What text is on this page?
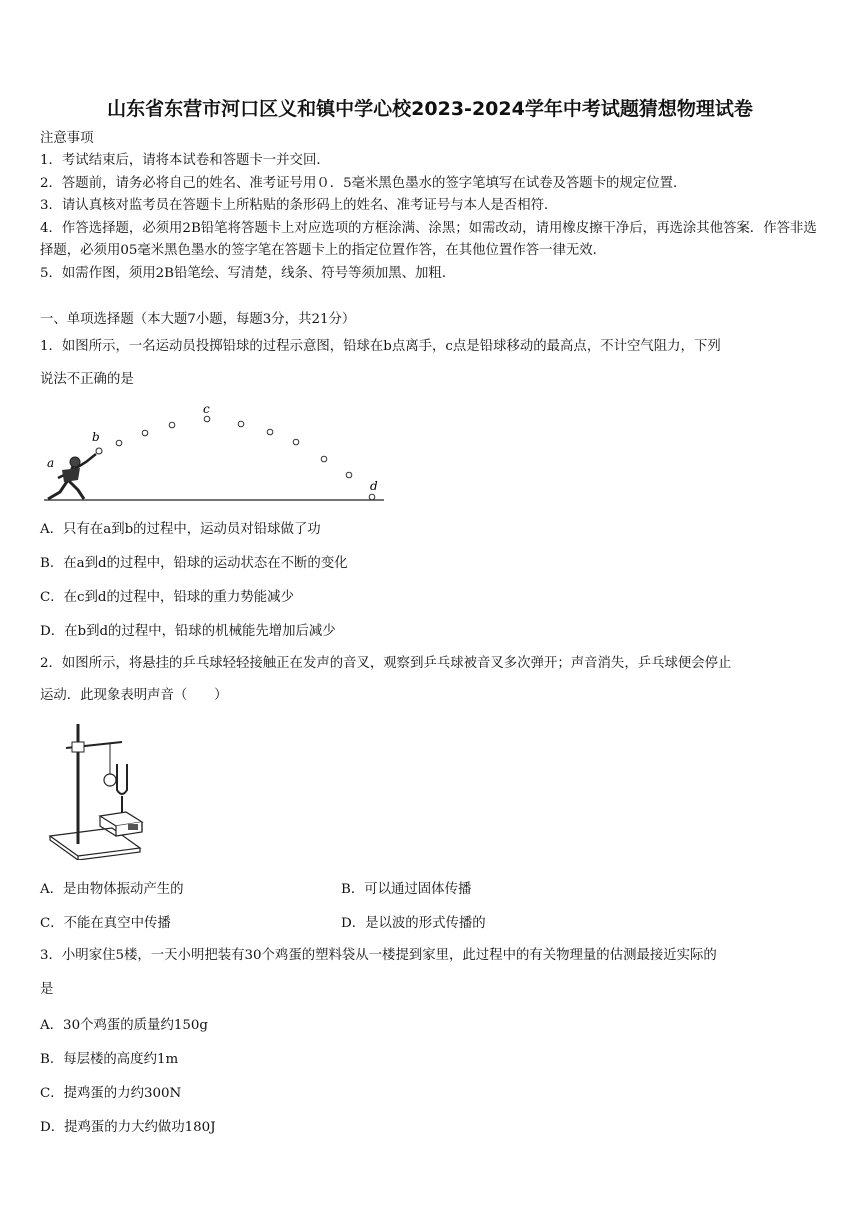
山东省东营市河口区义和镇中学心校2023-2024学年中考试题猜想物理试卷
注意事项
1．考试结束后，请将本试卷和答题卡一并交回．
2．答题前，请务必将自己的姓名、准考证号用０．5毫米黑色墨水的签字笔填写在试卷及答题卡的规定位置．
3．请认真核对监考员在答题卡上所粘贴的条形码上的姓名、准考证号与本人是否相符．
4．作答选择题，必须用2B铅笔将答题卡上对应选项的方框涂满、涂黑；如需改动，请用橡皮擦干净后，再选涂其他答案．作答非选择题，必须用05毫米黑色墨水的签字笔在答题卡上的指定位置作答，在其他位置作答一律无效．
5．如需作图，须用2B铅笔绘、写清楚，线条、符号等须加黑、加粗．
一、单项选择题（本大题7小题，每题3分，共21分）
1．如图所示，一名运动员投掷铅球的过程示意图，铅球在b点离手，c点是铅球移动的最高点，不计空气阻力，下列
说法不正确的是
a
b
c
d
A．只有在a到b的过程中，运动员对铅球做了功
B．在a到d的过程中，铅球的运动状态在不断的变化
C．在c到d的过程中，铅球的重力势能减少
D．在b到d的过程中，铅球的机械能先增加后减少
2．如图所示，将悬挂的乒乓球轻轻接触正在发声的音叉，观察到乒乓球被音叉多次弹开；声音消失，乒乓球便会停止
运动．此现象表明声音（　　）
A．是由物体振动产生的	B．可以通过固体传播
C．不能在真空中传播	D．是以波的形式传播的
3．小明家住5楼，一天小明把装有30个鸡蛋的塑料袋从一楼提到家里，此过程中的有关物理量的估测最接近实际的
是
A．30个鸡蛋的质量约150g
B．每层楼的高度约1m
C．提鸡蛋的力约300N
D．提鸡蛋的力大约做功180J
